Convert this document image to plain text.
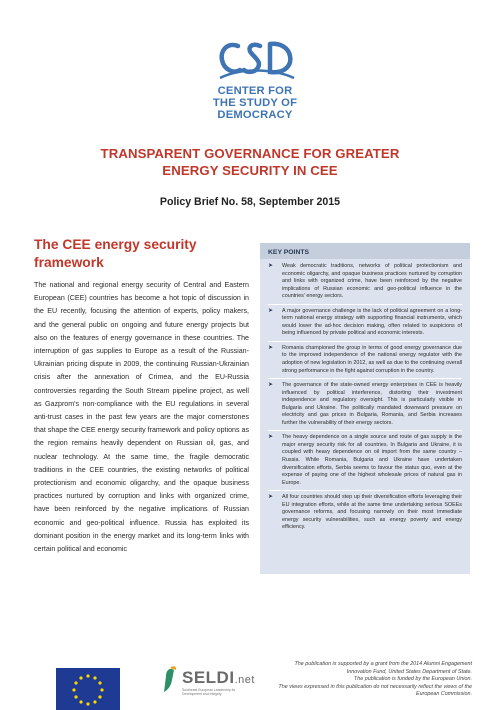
CENTER FOR
THE STUDY OF
DEMOCRACY
TRANSPARENT GOVERNANCE FOR GREATER
ENERGY SECURITY IN CEE
Policy Brief No. 58, September 2015
The CEE energy security
framework

The national and regional energy security of Central and Eastern European (CEE) countries has become a hot topic of discussion in the EU recently, focusing the attention of experts, policy makers, and the general public on ongoing and future energy projects but also on the features of energy governance in these countries. The interruption of gas supplies to Europe as a result of the Russian-Ukrainian pricing dispute in 2009, the continuing Russian-Ukrainian crisis after the annexation of Crimea, and the EU-Russia controversies regarding the South Stream pipeline project, as well as Gazprom's non-compliance with the EU regulations in several anti-trust cases in the past few years are the major cornerstones that shape the CEE energy security framework and policy options as the region remains heavily dependent on Russian oil, gas, and nuclear technology. At the same time, the fragile democratic traditions in the CEE countries, the existing networks of political protectionism and economic oligarchy, and the opaque business practices nurtured by corruption and links with organized crime, have been reinforced by the negative implications of Russian economic and geo-political influence. Russia has exploited its dominant position in the energy market and its long-term links with certain political and economic

KEY POINTS
➤ Weak democratic traditions, networks of political protectionism and economic oligarchy, and opaque business practices nurtured by corruption and links with organized crime, have been reinforced by the negative implications of Russian economic and geo-political influence in the countries' energy sectors.
➤ A major governance challenge is the lack of political agreement on a long-term national energy strategy with supporting financial instruments, which would lower the ad-hoc decision making, often related to suspicions of being influenced by private political and economic interests.
➤ Romania championed the group in terms of good energy governance due to the improved independence of the national energy regulator with the adoption of new legislation in 2012, as well as due to the continuing overall strong performance in the fight against corruption in the country.
➤ The governance of the state-owned energy enterprises in CEE is heavily influenced by political interference, distorting their investment independence and regulatory oversight. This is particularly visible in Bulgaria and Ukraine. The politically mandated downward pressure on electricity and gas prices in Bulgaria, Romania, and Serbia increases further the vulnerability of their energy sectors.
➤ The heavy dependence on a single source and route of gas supply is the major energy security risk for all countries. In Bulgaria and Ukraine, it is coupled with heavy dependence on oil import from the same country – Russia. While Romania, Bulgaria and Ukraine have undertaken diversification efforts, Serbia seems to favour the status quo, even at the expense of paying one of the highest wholesale prices of natural gas in Europe.
➤ All four countries should step up their diversification efforts leveraging their EU integration efforts, while at the same time undertaking serious SOEEs governance reforms, and focusing narrowly on their most immediate energy security vulnerabilities, such as energy poverty and energy efficiency.
SELDI.net
Southeast European Leadership for Development and Integrity
The publication is supported by a grant from the 2014 Alumni Engagement Innovation Fund, United States Department of State.
The publication is funded by the European Union.
The views expressed in this publication do not necessarily reflect the views of the European Commission.
